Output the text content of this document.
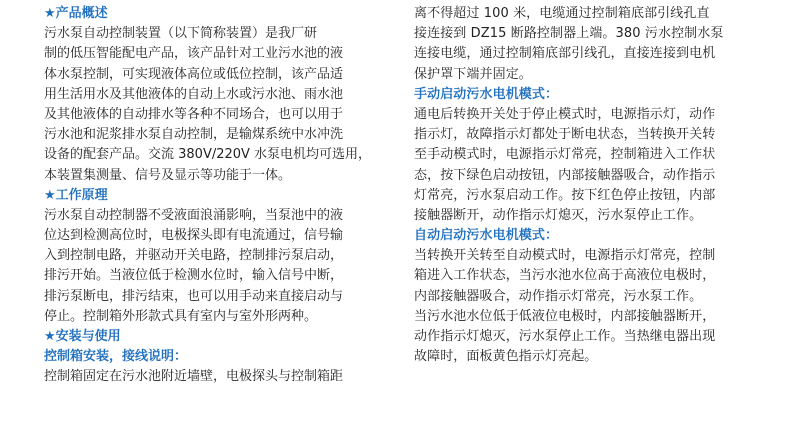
★产品概述
污水泵自动控制装置（以下简称装置）是我厂研
制的低压智能配电产品，该产品针对工业污水池的液
体水泵控制，可实现液体高位或低位控制，该产品适
用生活用水及其他液体的自动上水或污水池、雨水池
及其他液体的自动排水等各种不同场合，也可以用于
污水池和泥浆排水泵自动控制，是输煤系统中水冲洗
设备的配套产品。交流 380V/220V 水泵电机均可选用，
本装置集测量、信号及显示等功能于一体。
★工作原理
污水泵自动控制器不受液面浪涌影响，当泵池中的液
位达到检测高位时，电极探头即有电流通过，信号输
入到控制电路，并驱动开关电路，控制排污泵启动，
排污开始。当液位低于检测水位时，输入信号中断，
排污泵断电，排污结束，也可以用手动来直接启动与
停止。控制箱外形款式具有室内与室外形两种。
★安装与使用
控制箱安装，接线说明：
控制箱固定在污水池附近墙壁，电极探头与控制箱距
离不得超过 100 米，电缆通过控制箱底部引线孔直
接连接到 DZ15 断路控制器上端。380 污水控制水泵
连接电缆，通过控制箱底部引线孔，直接连接到电机
保护罩下端并固定。
手动启动污水电机模式：
通电后转换开关处于停止模式时，电源指示灯，动作
指示灯，故障指示灯都处于断电状态，当转换开关转
至手动模式时，电源指示灯常亮，控制箱进入工作状
态，按下绿色启动按钮，内部接触器吸合，动作指示
灯常亮，污水泵启动工作。按下红色停止按钮，内部
接触器断开，动作指示灯熄灭，污水泵停止工作。
自动启动污水电机模式：
当转换开关转至自动模式时，电源指示灯常亮，控制
箱进入工作状态，当污水池水位高于高液位电极时，
内部接触器吸合，动作指示灯常亮，污水泵工作。
当污水池水位低于低液位电极时，内部接触器断开，
动作指示灯熄灭，污水泵停止工作。当热继电器出现
故障时，面板黄色指示灯亮起。
